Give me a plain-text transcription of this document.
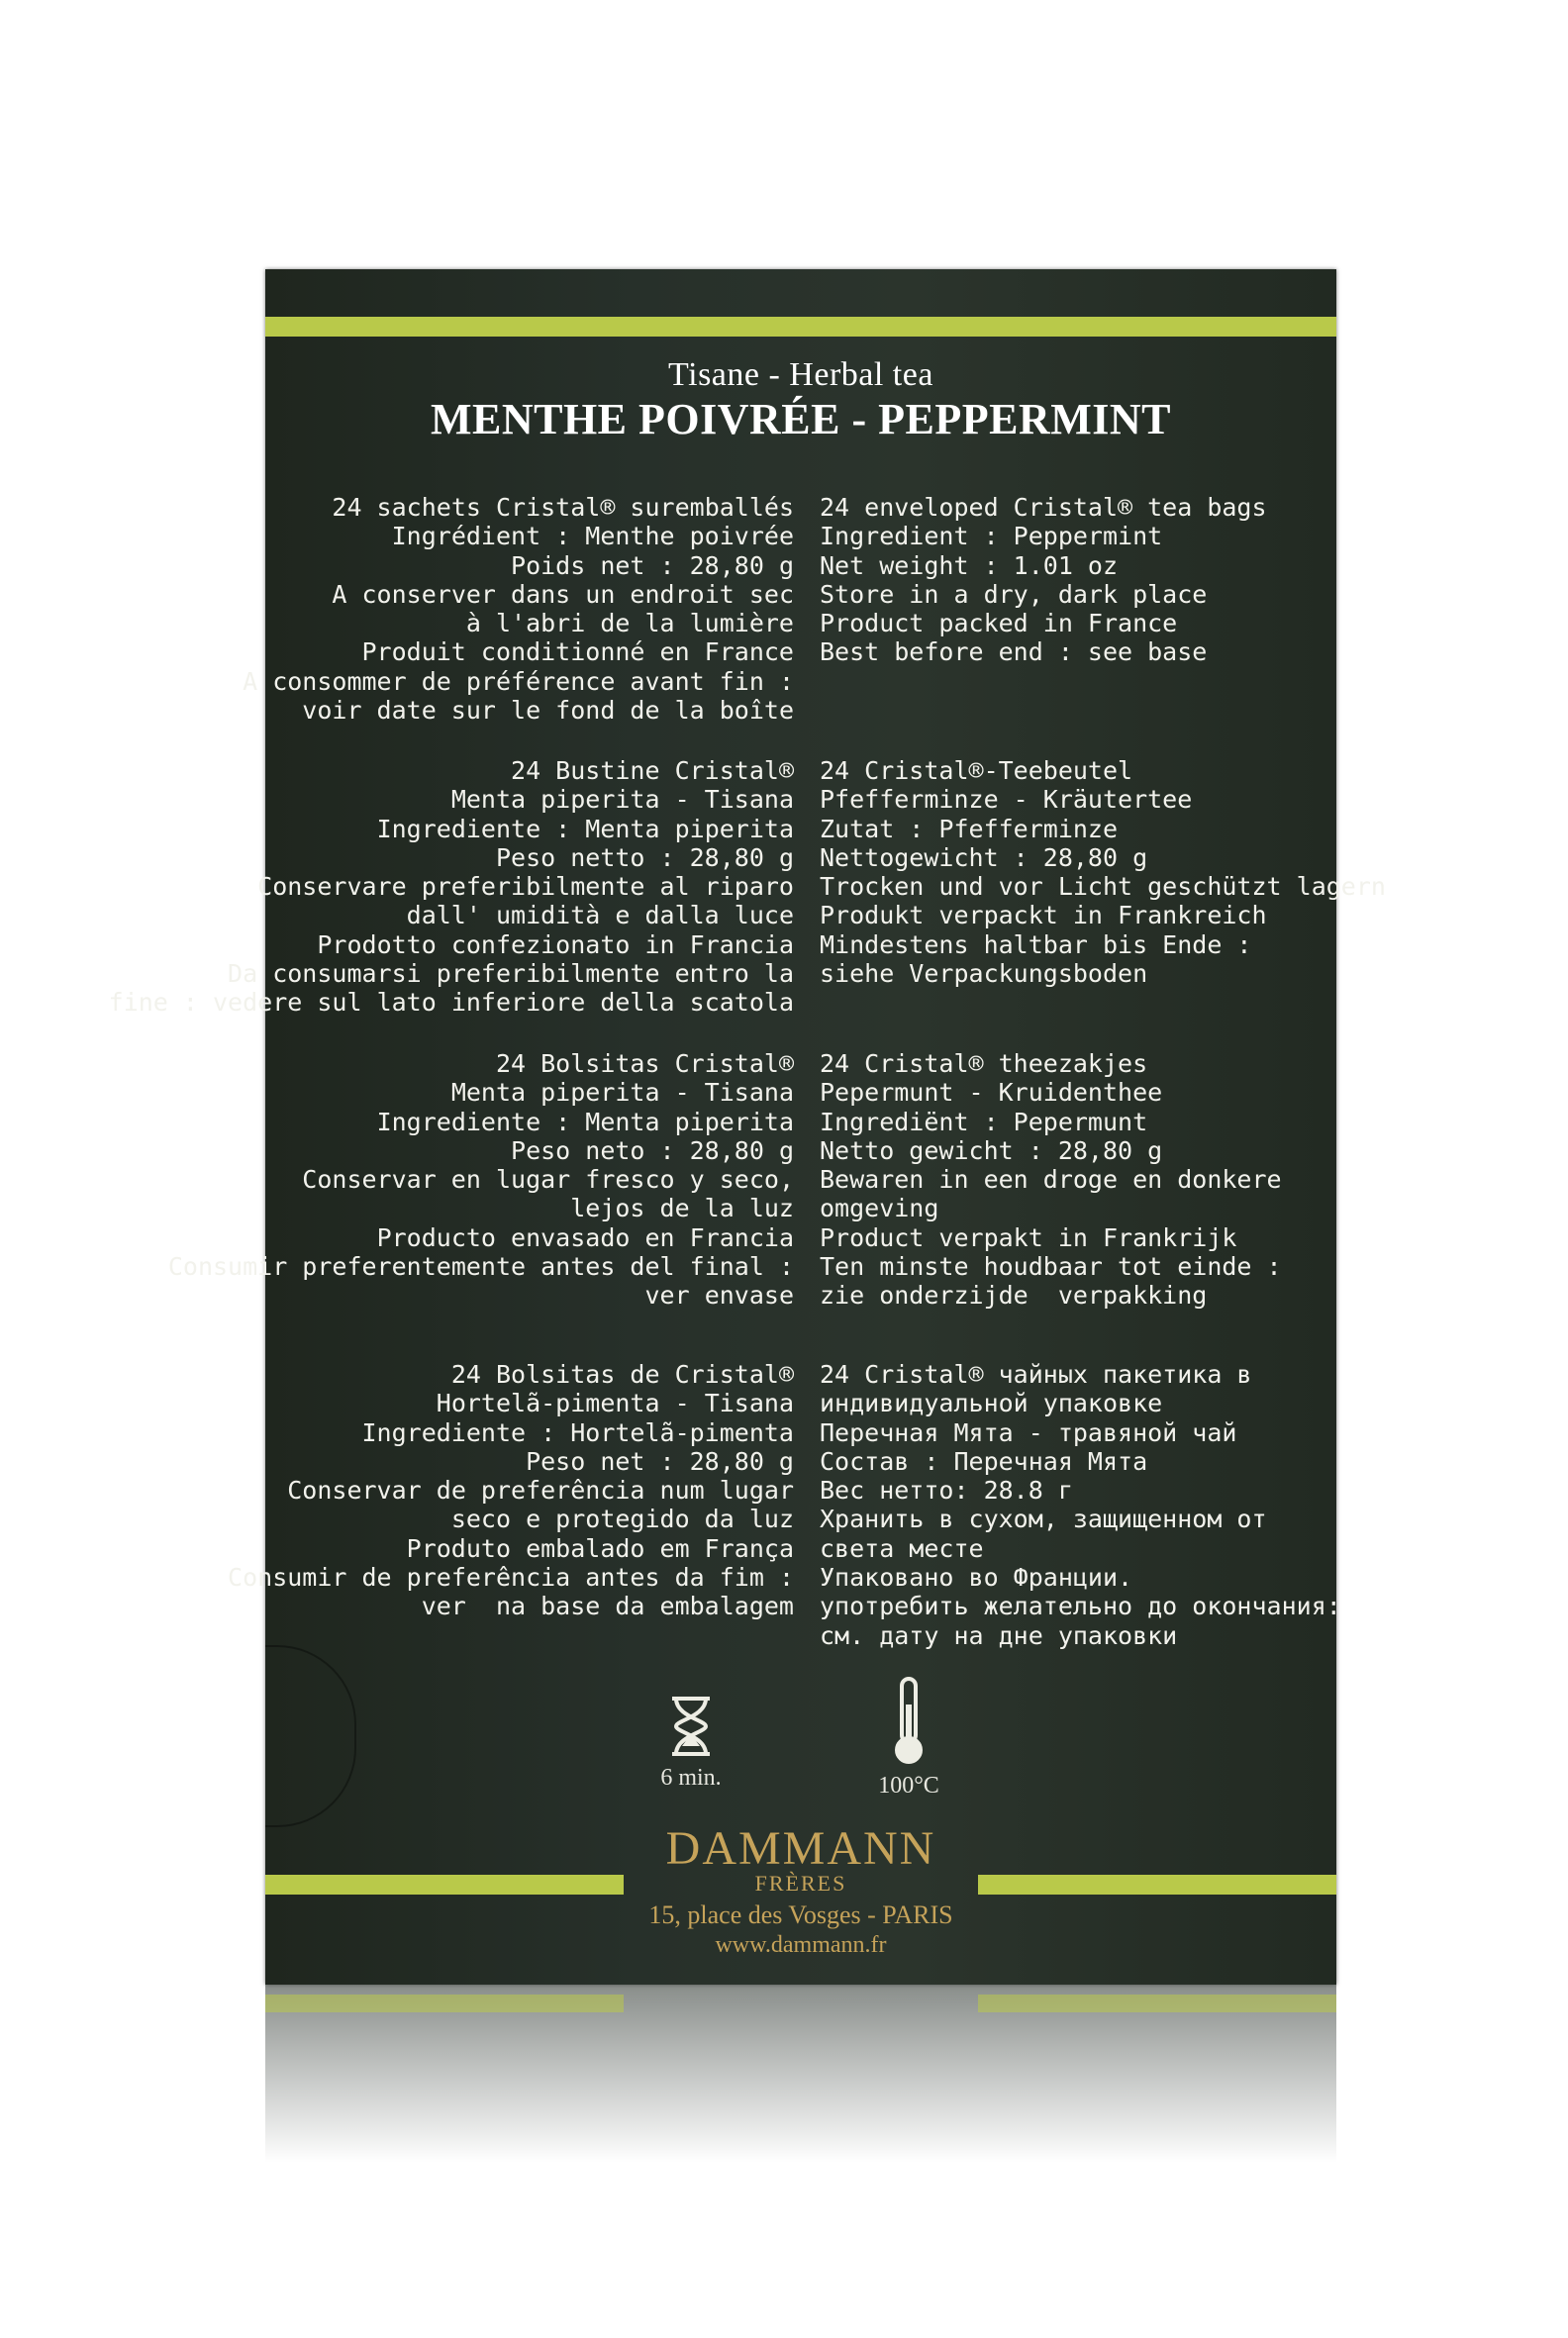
Tisane - Herbal tea
MENTHE POIVRÉE - PEPPERMINT
24 sachets Cristal® suremballés
Ingrédient : Menthe poivrée
Poids net : 28,80 g
A conserver dans un endroit sec
à l'abri de la lumière
Produit conditionné en France
A consommer de préférence avant fin :
voir date sur le fond de la boîte
24 enveloped Cristal® tea bags
Ingredient : Peppermint
Net weight : 1.01 oz
Store in a dry, dark place
Product packed in France
Best before end : see base
24 Bustine Cristal®
Menta piperita - Tisana
Ingrediente : Menta piperita
Peso netto : 28,80 g
Conservare preferibilmente al riparo
dall' umidità e dalla luce
Prodotto confezionato in Francia
Da consumarsi preferibilmente entro la
fine : vedere sul lato inferiore della scatola
24 Cristal®-Teebeutel
Pfefferminze - Kräutertee
Zutat : Pfefferminze
Nettogewicht : 28,80 g
Trocken und vor Licht geschützt lagern
Produkt verpackt in Frankreich
Mindestens haltbar bis Ende :
siehe Verpackungsboden
24 Bolsitas Cristal®
Menta piperita - Tisana
Ingrediente : Menta piperita
Peso neto : 28,80 g
Conservar en lugar fresco y seco,
lejos de la luz
Producto envasado en Francia
Consumir preferentemente antes del final :
ver envase
24 Cristal® theezakjes
Pepermunt - Kruidenthee
Ingrediënt : Pepermunt
Netto gewicht : 28,80 g
Bewaren in een droge en donkere
omgeving
Product verpakt in Frankrijk
Ten minste houdbaar tot einde :
zie onderzijde  verpakking
24 Bolsitas de Cristal®
Hortelã-pimenta - Tisana
Ingrediente : Hortelã-pimenta
Peso net : 28,80 g
Conservar de preferência num lugar
seco e protegido da luz
Produto embalado em França
Consumir de preferência antes da fim :
ver  na base da embalagem
24 Cristal® чайных пакетика в
индивидуальной упаковке
Перечная Мята - травяной чай
Cостав : Перечная Мята
Вес нетто: 28.8 г
Хранить в сухом, защищенном от
света месте
Упаковано во Франции.
употребить желательно до окончания:
см. дату на дне упаковки
6 min.	100°C
DAMMANN
FRÈRES
15, place des Vosges - PARIS
www.dammann.fr
